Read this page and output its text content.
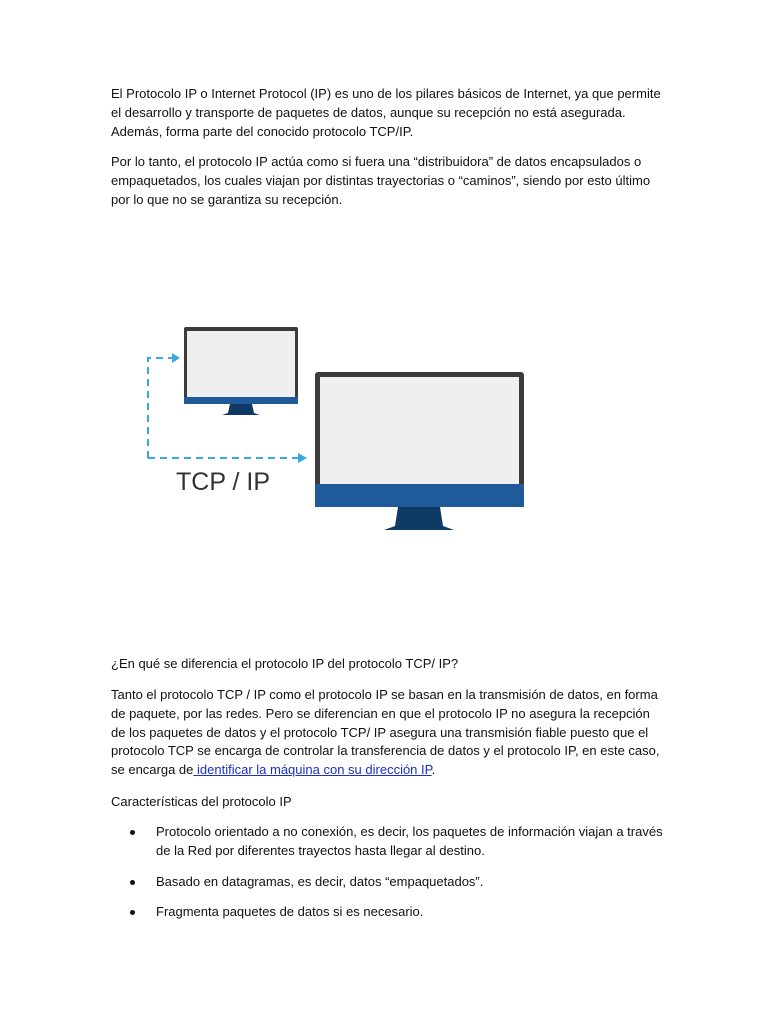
El Protocolo IP o Internet Protocol (IP) es uno de los pilares básicos de Internet, ya que permite el desarrollo y transporte de paquetes de datos, aunque su recepción no está asegurada. Además, forma parte del conocido protocolo TCP/IP.

Por lo tanto, el protocolo IP actúa como si fuera una “distribuidora” de datos encapsulados o empaquetados, los cuales viajan por distintas trayectorias o “caminos”, siendo por esto último por lo que no se garantiza su recepción.

TCP / IP

¿En qué se diferencia el protocolo IP del protocolo TCP/ IP?

Tanto el protocolo TCP / IP como el protocolo IP se basan en la transmisión de datos, en forma de paquete, por las redes. Pero se diferencian en que el protocolo IP no asegura la recepción de los paquetes de datos y el protocolo TCP/ IP asegura una transmisión fiable puesto que el protocolo TCP se encarga de controlar la transferencia de datos y el protocolo IP, en este caso, se encarga de identificar la máquina con su dirección IP.

Características del protocolo IP

Protocolo orientado a no conexión, es decir, los paquetes de información viajan a través de la Red por diferentes trayectos hasta llegar al destino.
Basado en datagramas, es decir, datos “empaquetados”.
Fragmenta paquetes de datos si es necesario.
